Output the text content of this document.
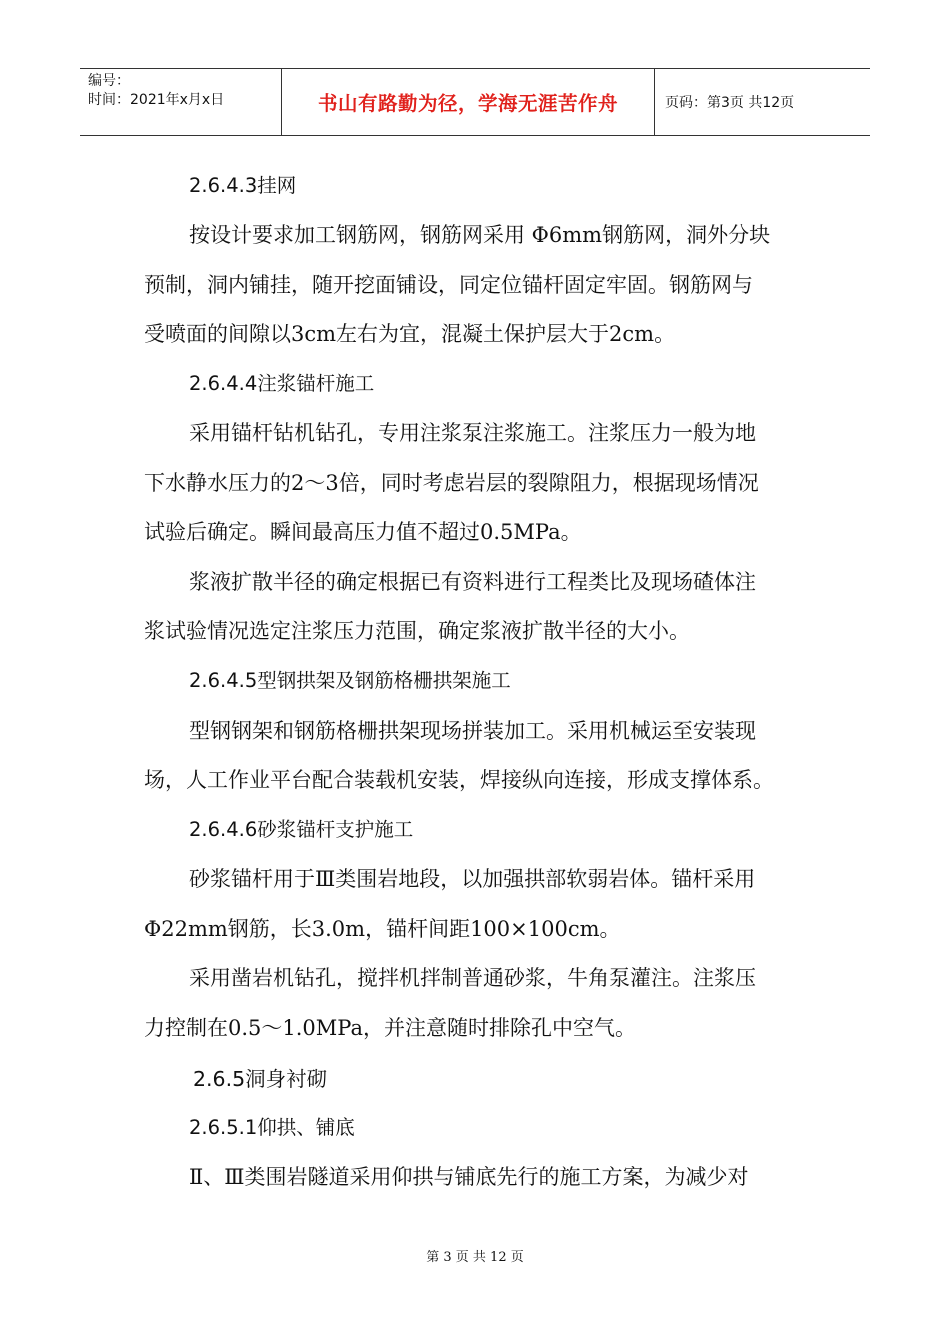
编号：
时间：2021年x月x日	书山有路勤为径，学海无涯苦作舟	页码：第3页 共12页
2.6.4.3挂网
按设计要求加工钢筋网，钢筋网采用 Φ6mm钢筋网，洞外分块
预制，洞内铺挂，随开挖面铺设，同定位锚杆固定牢固。钢筋网与
受喷面的间隙以3cm左右为宜，混凝土保护层大于2cm。
2.6.4.4注浆锚杆施工
采用锚杆钻机钻孔，专用注浆泵注浆施工。注浆压力一般为地
下水静水压力的2～3倍，同时考虑岩层的裂隙阻力，根据现场情况
试验后确定。瞬间最高压力值不超过0.5MPa。
浆液扩散半径的确定根据已有资料进行工程类比及现场碴体注
浆试验情况选定注浆压力范围，确定浆液扩散半径的大小。
2.6.4.5型钢拱架及钢筋格栅拱架施工
型钢钢架和钢筋格栅拱架现场拼装加工。采用机械运至安装现
场，人工作业平台配合装载机安装，焊接纵向连接，形成支撑体系。
2.6.4.6砂浆锚杆支护施工
砂浆锚杆用于Ⅲ类围岩地段，以加强拱部软弱岩体。锚杆采用
Φ22mm钢筋，长3.0m，锚杆间距100×100cm。
采用凿岩机钻孔，搅拌机拌制普通砂浆，牛角泵灌注。注浆压
力控制在0.5～1.0MPa，并注意随时排除孔中空气。
2.6.5洞身衬砌
2.6.5.1仰拱、铺底
Ⅱ、Ⅲ类围岩隧道采用仰拱与铺底先行的施工方案，为减少对
第 3 页 共 12 页
